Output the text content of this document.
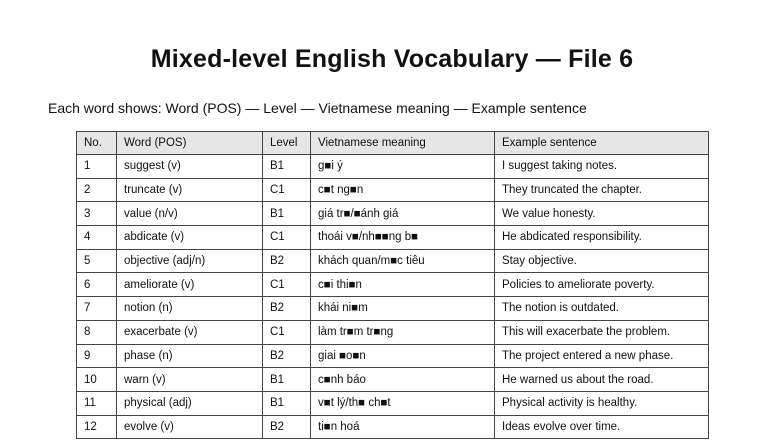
Mixed-level English Vocabulary — File 6

Each word shows: Word (POS) — Level — Vietnamese meaning — Example sentence

No.	Word (POS)	Level	Vietnamese meaning	Example sentence
1	suggest (v)	B1	g■i ý	I suggest taking notes.
2	truncate (v)	C1	c■t ng■n	They truncated the chapter.
3	value (n/v)	B1	giá tr■/■ánh giá	We value honesty.
4	abdicate (v)	C1	thoái v■/nh■■ng b■	He abdicated responsibility.
5	objective (adj/n)	B2	khách quan/m■c tiêu	Stay objective.
6	ameliorate (v)	C1	c■i thi■n	Policies to ameliorate poverty.
7	notion (n)	B2	khái ni■m	The notion is outdated.
8	exacerbate (v)	C1	làm tr■m tr■ng	This will exacerbate the problem.
9	phase (n)	B2	giai ■o■n	The project entered a new phase.
10	warn (v)	B1	c■nh báo	He warned us about the road.
11	physical (adj)	B1	v■t lý/th■ ch■t	Physical activity is healthy.
12	evolve (v)	B2	ti■n hoá	Ideas evolve over time.
